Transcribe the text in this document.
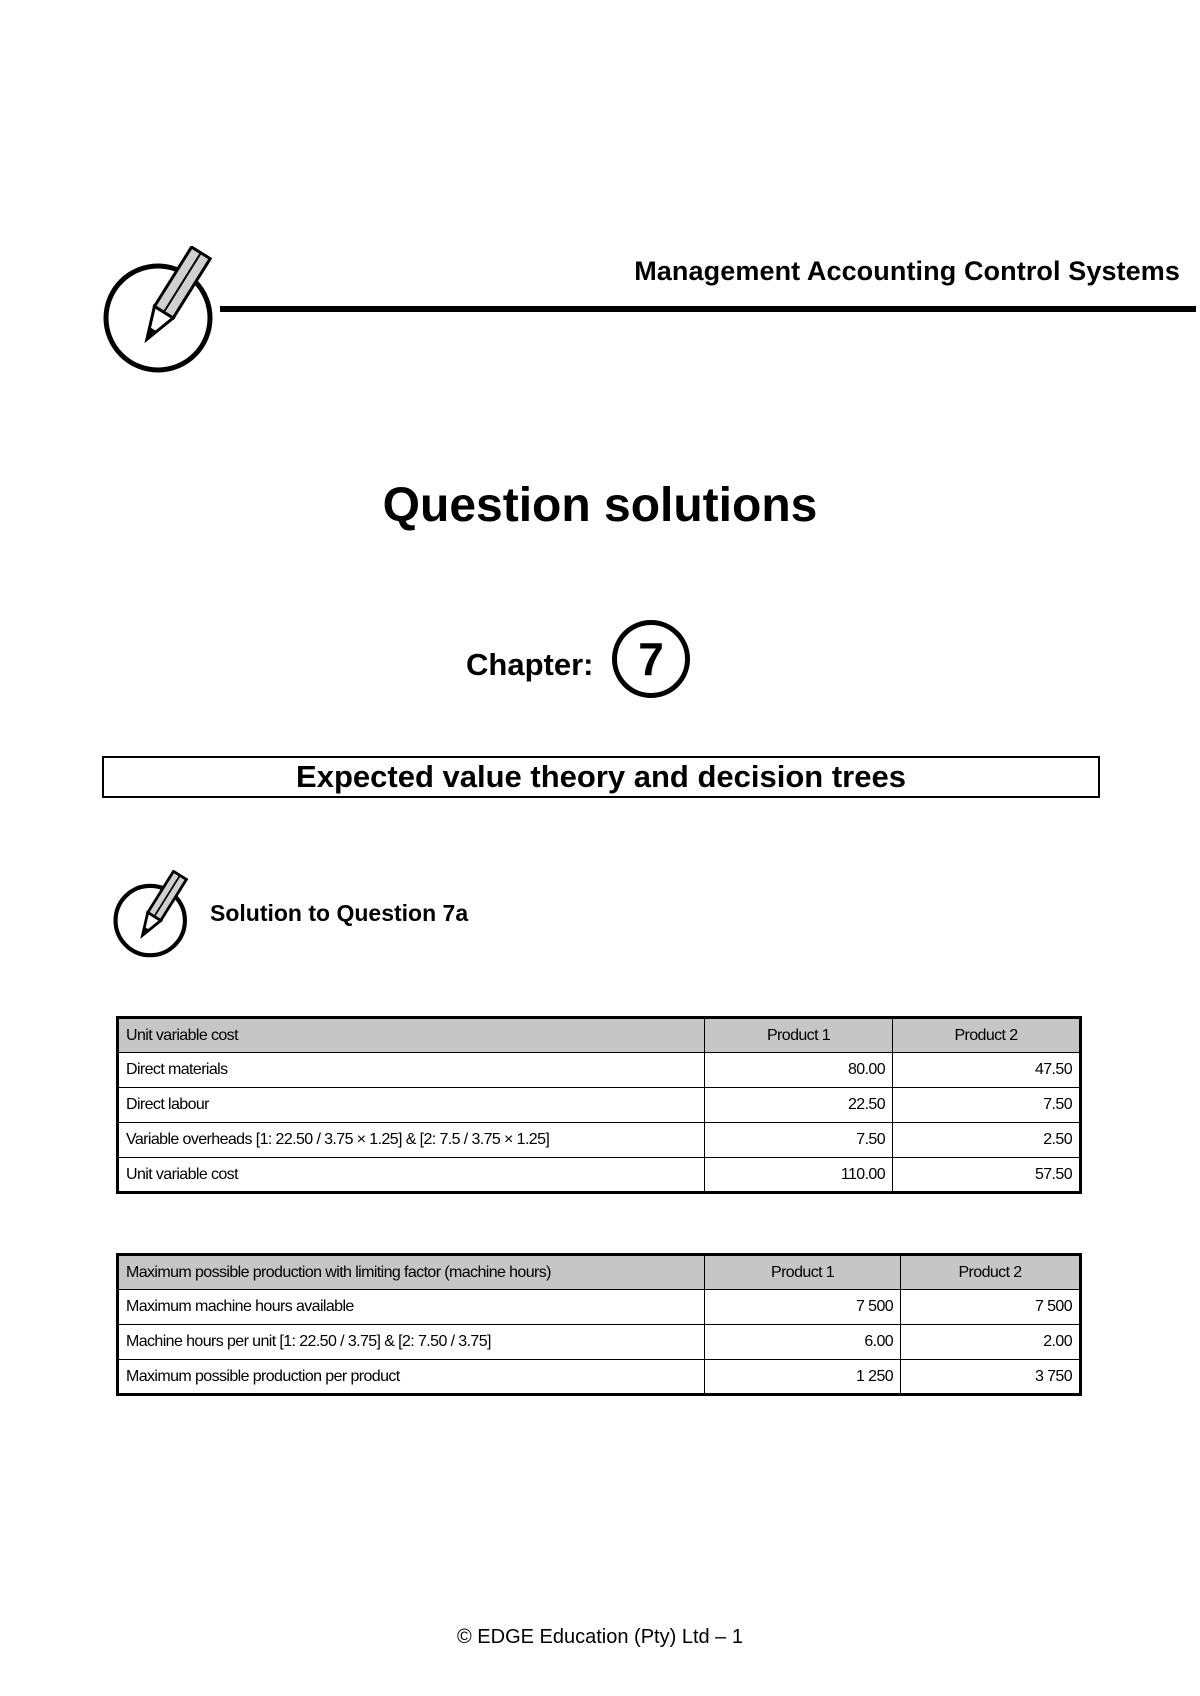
Management Accounting Control Systems
Question solutions
Chapter: 7
Expected value theory and decision trees
Solution to Question 7a
Unit variable cost	Product 1	Product 2
Direct materials	80.00	47.50
Direct labour	22.50	7.50
Variable overheads [1: 22.50 / 3.75 × 1.25] & [2: 7.5 / 3.75 × 1.25]	7.50	2.50
Unit variable cost	110.00	57.50
Maximum possible production with limiting factor (machine hours)	Product 1	Product 2
Maximum machine hours available	7 500	7 500
Machine hours per unit [1: 22.50 / 3.75] & [2: 7.50 / 3.75]	6.00	2.00
Maximum possible production per product	1 250	3 750
© EDGE Education (Pty) Ltd – 1
